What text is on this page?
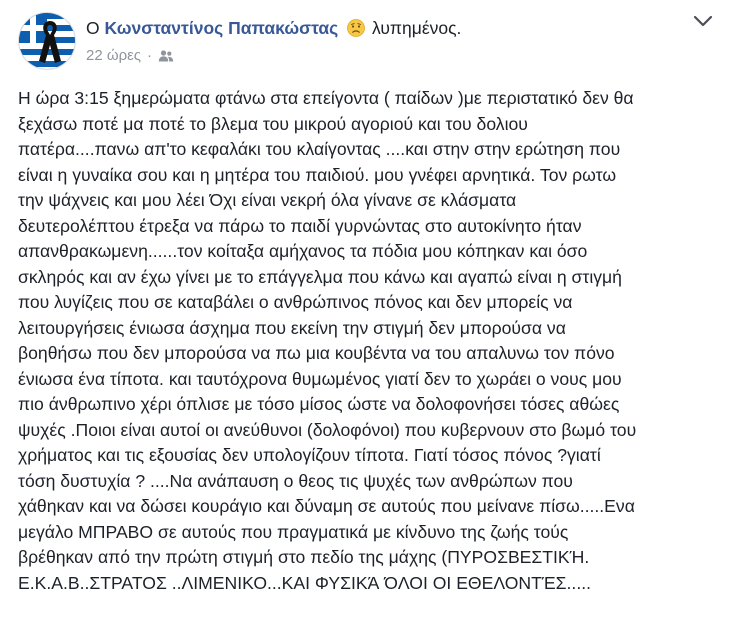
Ο Κωνσταντίνος Παπακώστας λυπημένος.
22 ώρες ·
Η ώρα 3:15 ξημερώματα φτάνω στα επείγοντα ( παίδων )με περιστατικό δεν θα
ξεχάσω ποτέ μα ποτέ το βλεμα του μικρού αγοριού και του δολιου
πατέρα....πανω απ'το κεφαλάκι του κλαίγοντας ....και στην στην ερώτηση που
είναι η γυναίκα σου και η μητέρα του παιδιού. μου γνέφει αρνητικά. Τον ρωτω
την ψάχνεις και μου λέει Όχι είναι νεκρή όλα γίνανε σε κλάσματα
δευτερολέπτου έτρεξα να πάρω το παιδί γυρνώντας στο αυτοκίνητο ήταν
απανθρακωμενη......τον κοίταξα αμήχανος τα πόδια μου κόπηκαν και όσο
σκληρός και αν έχω γίνει με το επάγγελμα που κάνω και αγαπώ είναι η στιγμή
που λυγίζεις που σε καταβάλει ο ανθρώπινος πόνος και δεν μπορείς να
λειτουργήσεις ένιωσα άσχημα που εκείνη την στιγμή δεν μπορούσα να
βοηθήσω που δεν μπορούσα να πω μια κουβέντα να του απαλυνω τον πόνο
ένιωσα ένα τίποτα. και ταυτόχρονα θυμωμένος γιατί δεν το χωράει ο νους μου
πιο άνθρωπινο χέρι όπλισε με τόσο μίσος ώστε να δολοφονήσει τόσες αθώες
ψυχές .Ποιοι είναι αυτοί οι ανεύθυνοι (δολοφόνοι) που κυβερνουν στο βωμό του
χρήματος και τις εξουσίας δεν υπολογίζουν τίποτα. Γιατί τόσος πόνος ?γιατί
τόση δυστυχία ? ....Να ανάπαυση ο θεος τις ψυχές των ανθρώπων που
χάθηκαν και να δώσει κουράγιο και δύναμη σε αυτούς που μείνανε πίσω.....Ενα
μεγάλο ΜΠΡΑΒΟ σε αυτούς που πραγματικά με κίνδυνο της ζωής τούς
βρέθηκαν από την πρώτη στιγμή στο πεδίο της μάχης (ΠΥΡΟΣΒΕΣΤΙΚΉ.
Ε.Κ.Α.Β..ΣΤΡΑΤΟΣ ..ΛΙΜΕΝΙΚΟ...ΚΑΙ ΦΥΣΙΚΆ ΌΛΟΙ ΟΙ ΕΘΕΛΟΝΤΈΣ.....
